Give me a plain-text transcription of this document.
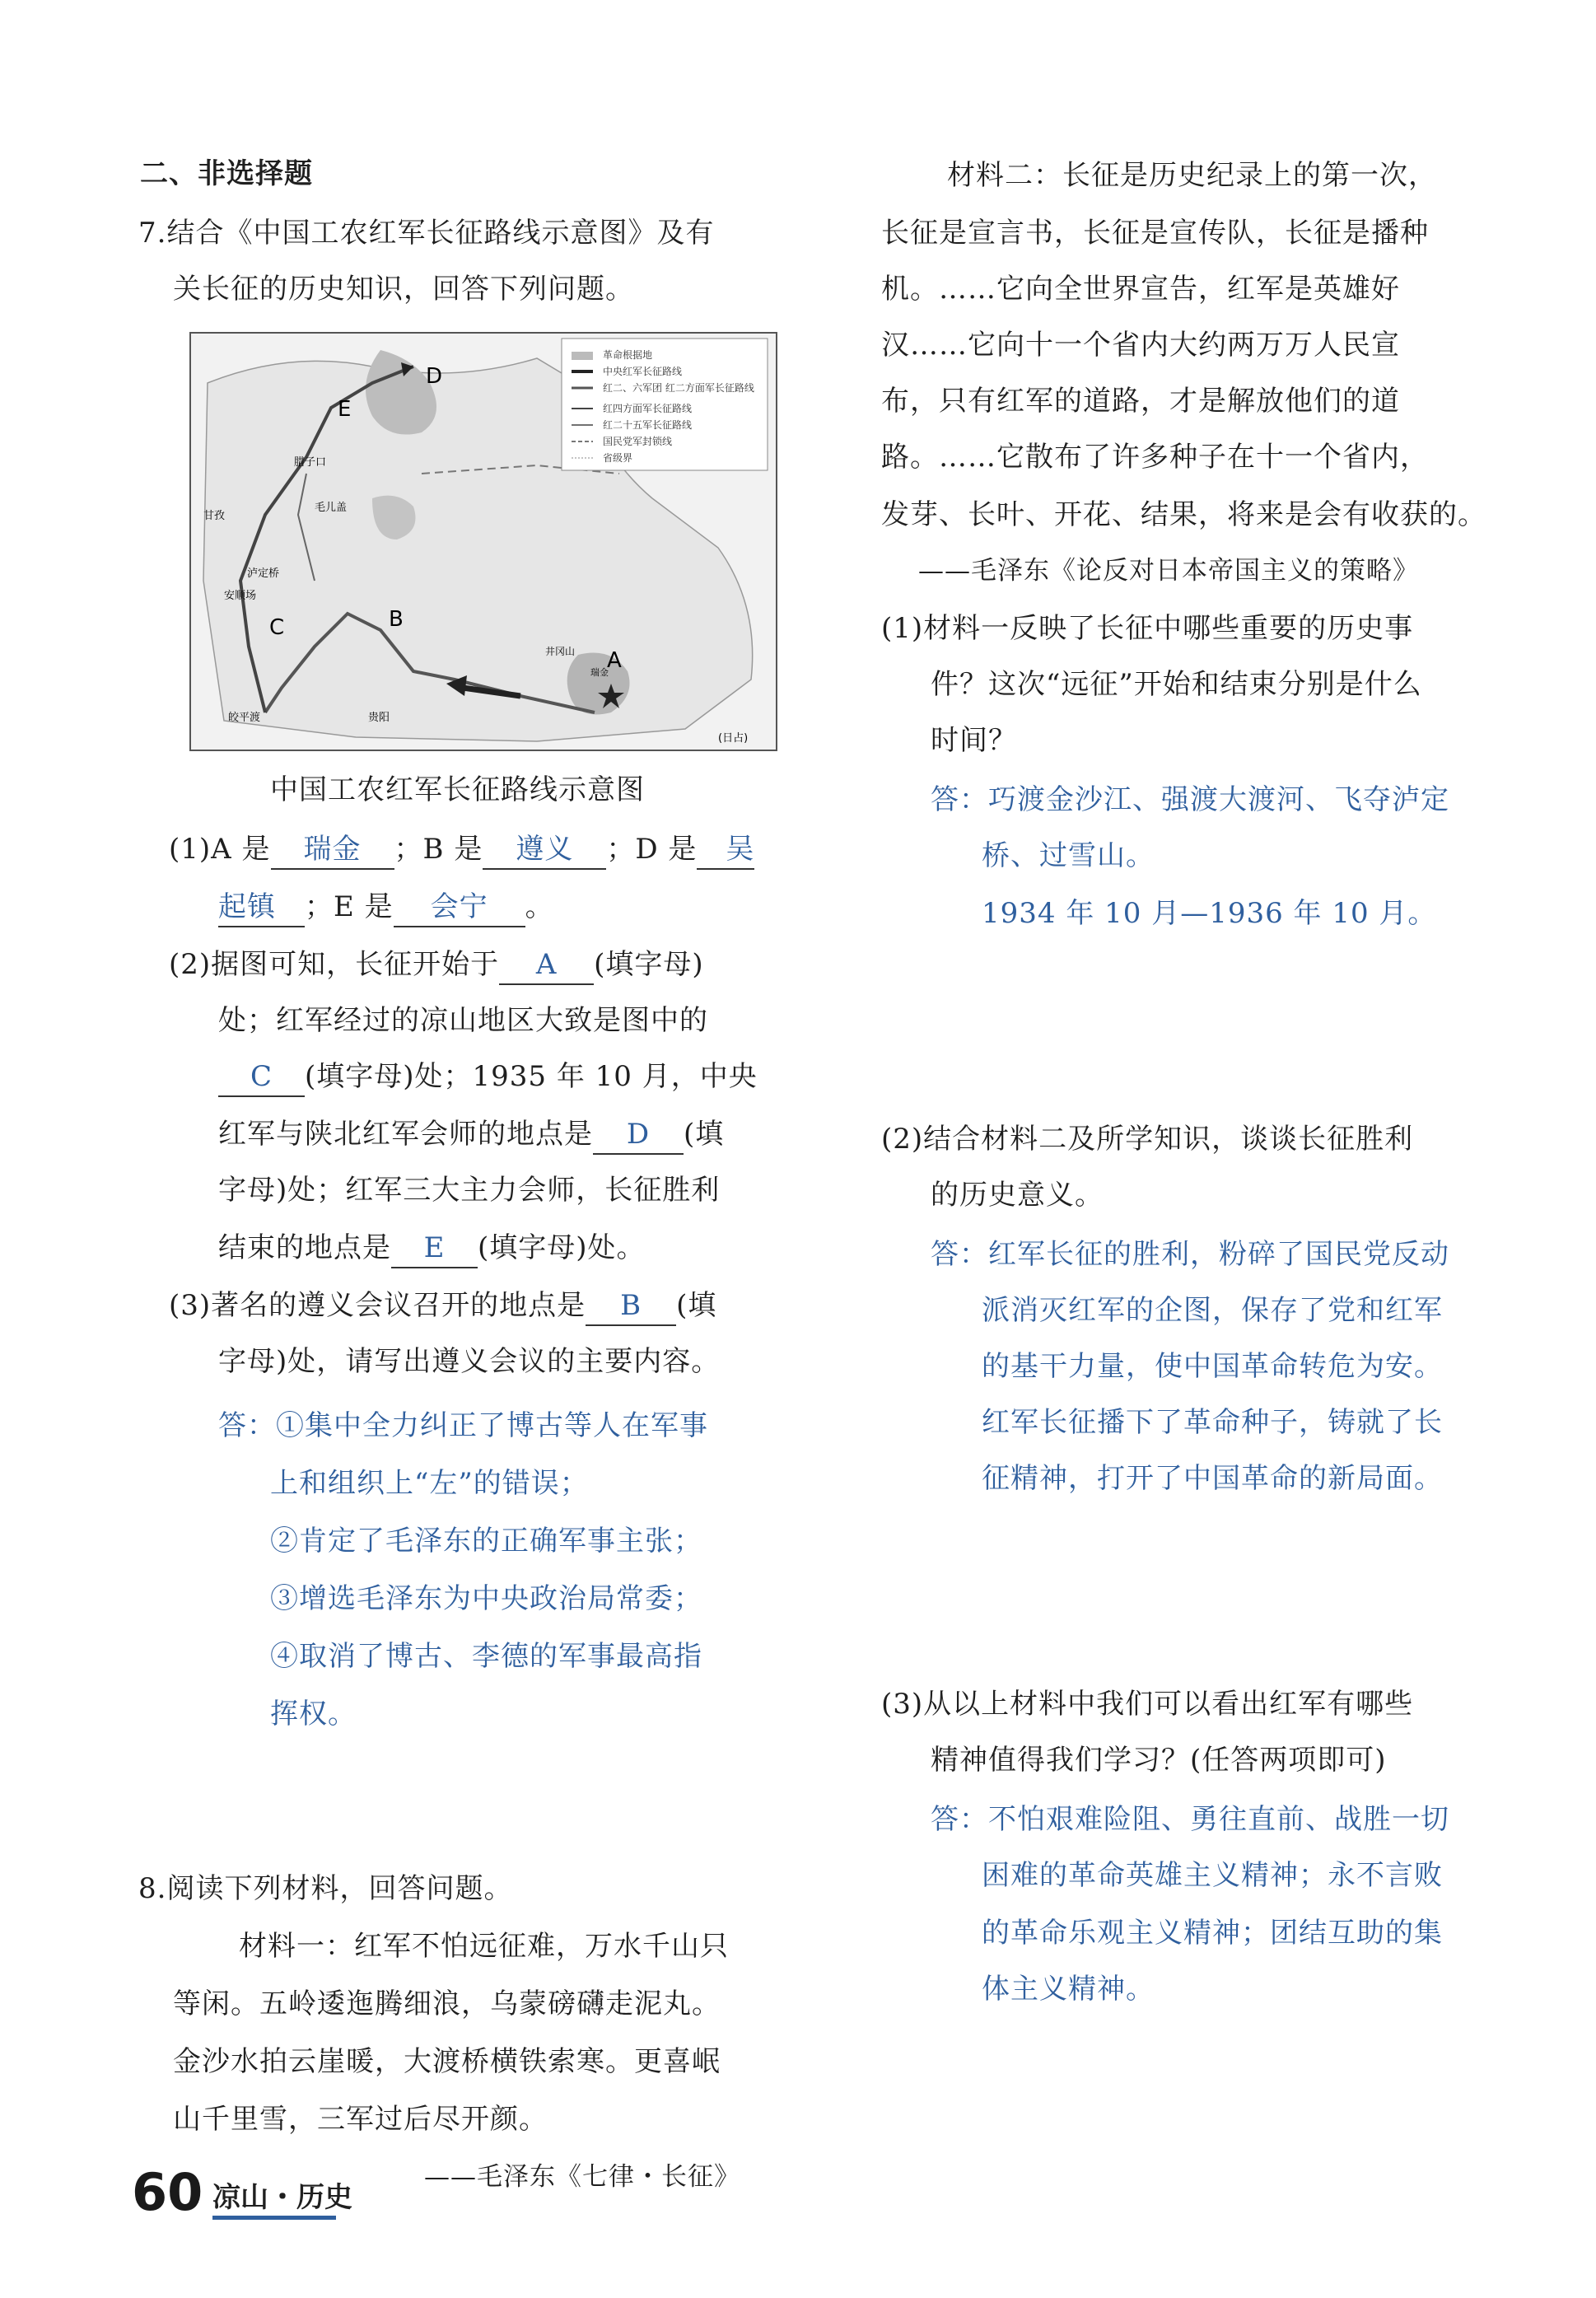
二、非选择题
7.结合《中国工农红军长征路线示意图》及有
关长征的历史知识，回答下列问题。
革命根据地
中央红军长征路线
红二、六军团 红二方面军长征路线
红四方面军长征路线
红二十五军长征路线
国民党军封锁线
省级界
D
E
腊子口
毛儿盖
甘孜
泸定桥
安顺场
C	B
皎平渡	贵阳
井冈山 A
瑞金
(日占)
中国工农红军长征路线示意图
(1)A 是 瑞金 ；B 是 遵义 ；D 是 吴
起镇 ；E 是 会宁 。
(2)据图可知，长征开始于 A (填字母)
处；红军经过的凉山地区大致是图中的
C (填字母)处；1935 年 10 月，中央
红军与陕北红军会师的地点是 D (填
字母)处；红军三大主力会师，长征胜利
结束的地点是 E (填字母)处。
(3)著名的遵义会议召开的地点是 B (填
字母)处，请写出遵义会议的主要内容。
答：①集中全力纠正了博古等人在军事
上和组织上“左”的错误；
②肯定了毛泽东的正确军事主张；
③增选毛泽东为中央政治局常委；
④取消了博古、李德的军事最高指
挥权。
8.阅读下列材料，回答问题。
材料一：红军不怕远征难，万水千山只
等闲。五岭逶迤腾细浪，乌蒙磅礴走泥丸。
金沙水拍云崖暖，大渡桥横铁索寒。更喜岷
山千里雪，三军过后尽开颜。
——毛泽东《七律・长征》
材料二：长征是历史纪录上的第一次，
长征是宣言书，长征是宣传队，长征是播种
机。……它向全世界宣告，红军是英雄好
汉……它向十一个省内大约两万万人民宣
布，只有红军的道路，才是解放他们的道
路。……它散布了许多种子在十一个省内，
发芽、长叶、开花、结果，将来是会有收获的。
——毛泽东《论反对日本帝国主义的策略》
(1)材料一反映了长征中哪些重要的历史事
件？这次“远征”开始和结束分别是什么
时间？
答：巧渡金沙江、强渡大渡河、飞夺泸定
桥、过雪山。
1934 年 10 月—1936 年 10 月。
(2)结合材料二及所学知识，谈谈长征胜利
的历史意义。
答：红军长征的胜利，粉碎了国民党反动
派消灭红军的企图，保存了党和红军
的基干力量，使中国革命转危为安。
红军长征播下了革命种子，铸就了长
征精神，打开了中国革命的新局面。
(3)从以上材料中我们可以看出红军有哪些
精神值得我们学习？(任答两项即可)
答：不怕艰难险阻、勇往直前、战胜一切
困难的革命英雄主义精神；永不言败
的革命乐观主义精神；团结互助的集
体主义精神。
60 凉山・历史
